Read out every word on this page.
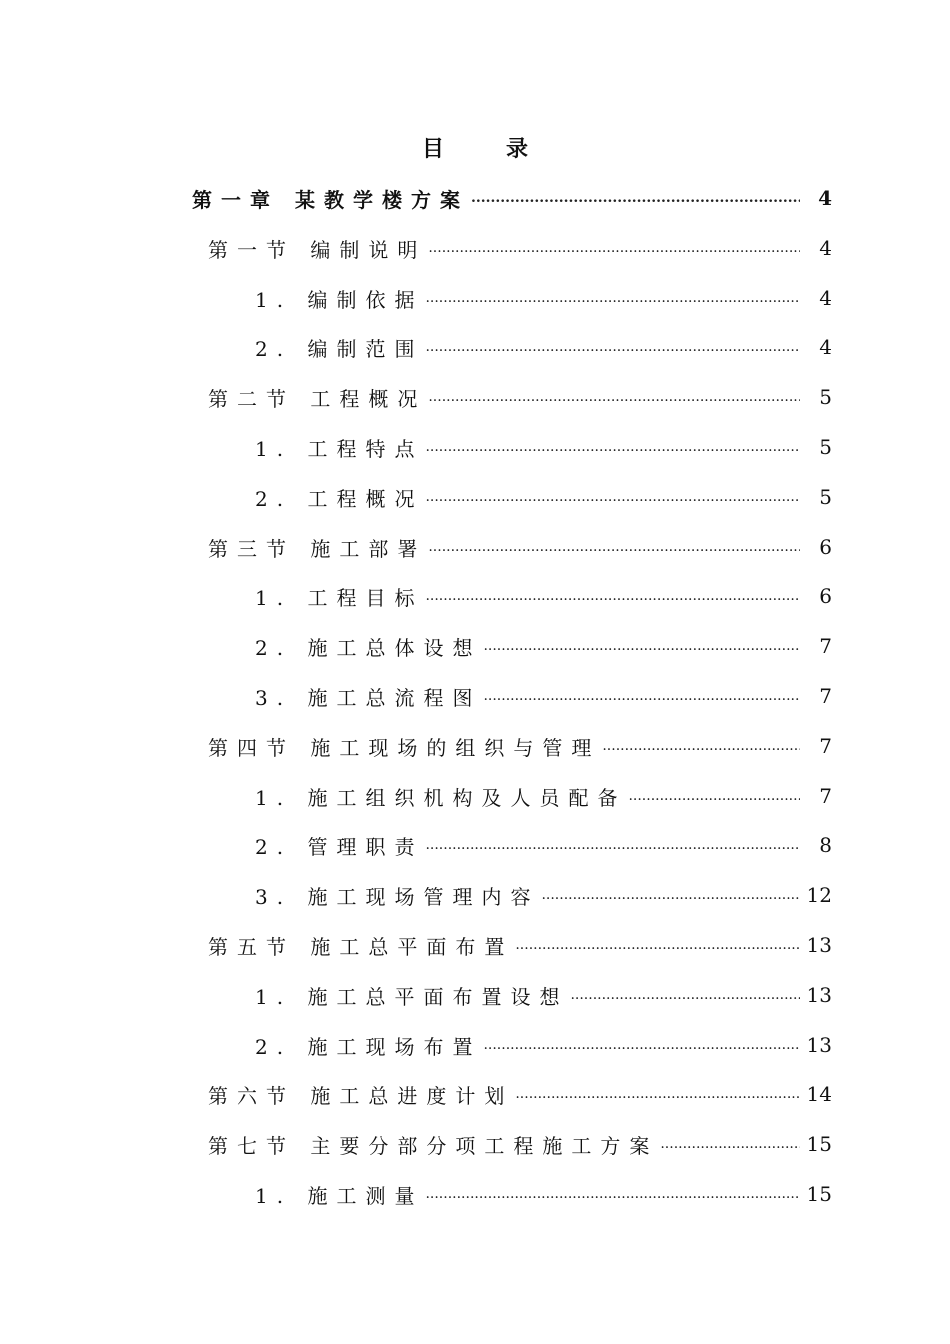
目	录
第一章 某教学楼方案 .....	4
第一节 编制说明 .....	4
1. 编制依据 .....	4
2. 编制范围 .....	4
第二节 工程概况 .....	5
1. 工程特点 .....	5
2. 工程概况 .....	5
第三节 施工部署 .....	6
1. 工程目标 .....	6
2. 施工总体设想 .....	7
3. 施工总流程图 .....	7
第四节 施工现场的组织与管理 .....	7
1. 施工组织机构及人员配备 .....	7
2. 管理职责 .....	8
3. 施工现场管理内容 .....	12
第五节 施工总平面布置 .....	13
1. 施工总平面布置设想 .....	13
2. 施工现场布置 .....	13
第六节 施工总进度计划 .....	14
第七节 主要分部分项工程施工方案 .....	15
1. 施工测量 .....	15
